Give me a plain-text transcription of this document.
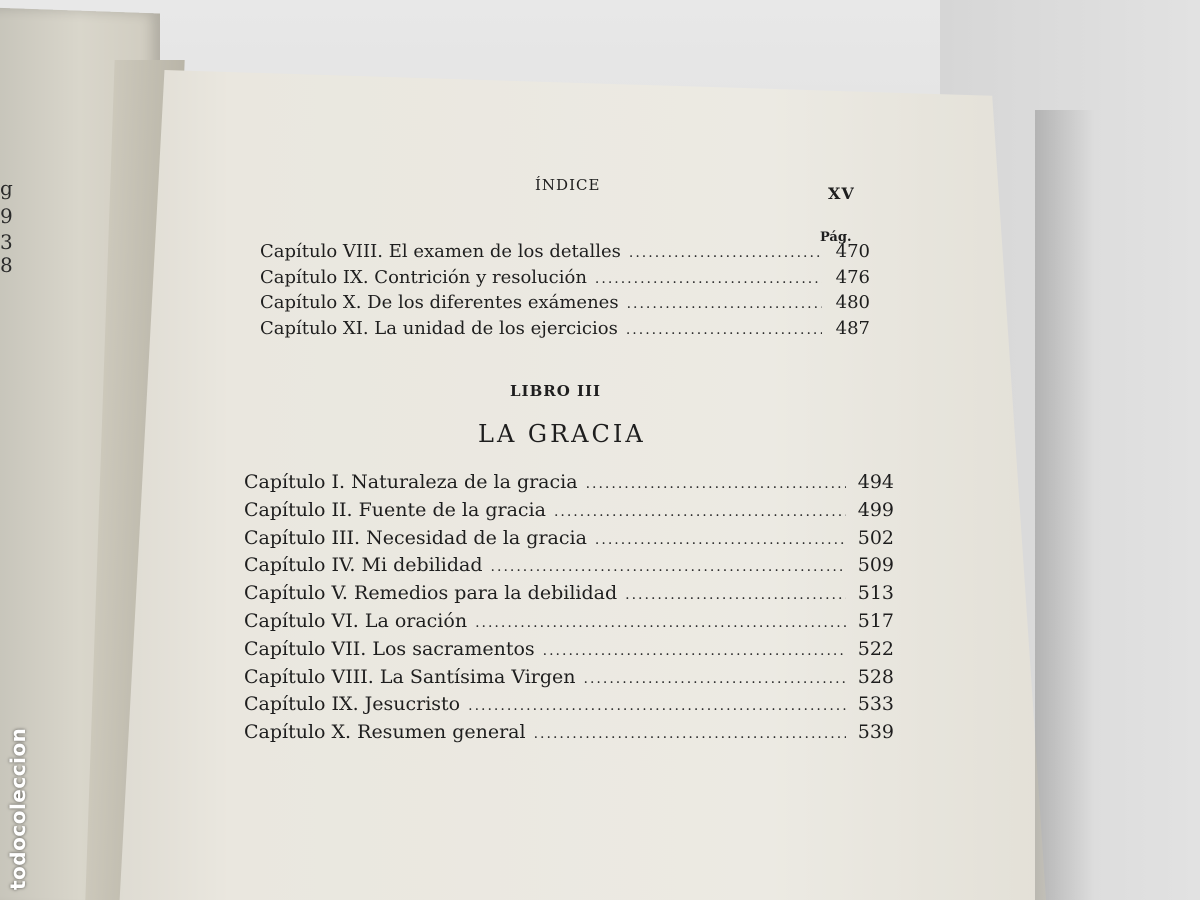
g
9
3
8
ÍNDICE	XV
Pág.
Capítulo VIII. El examen de los detalles .....	470
Capítulo IX. Contrición y resolución .....	476
Capítulo X. De los diferentes exámenes .....	480
Capítulo XI. La unidad de los ejercicios .....	487
LIBRO III
LA GRACIA
Capítulo I. Naturaleza de la gracia .....	494
Capítulo II. Fuente de la gracia .....	499
Capítulo III. Necesidad de la gracia .....	502
Capítulo IV. Mi debilidad .....	509
Capítulo V. Remedios para la debilidad .....	513
Capítulo VI. La oración .....	517
Capítulo VII. Los sacramentos .....	522
Capítulo VIII. La Santísima Virgen .....	528
Capítulo IX. Jesucristo .....	533
Capítulo X. Resumen general .....	539
todocoleccion
